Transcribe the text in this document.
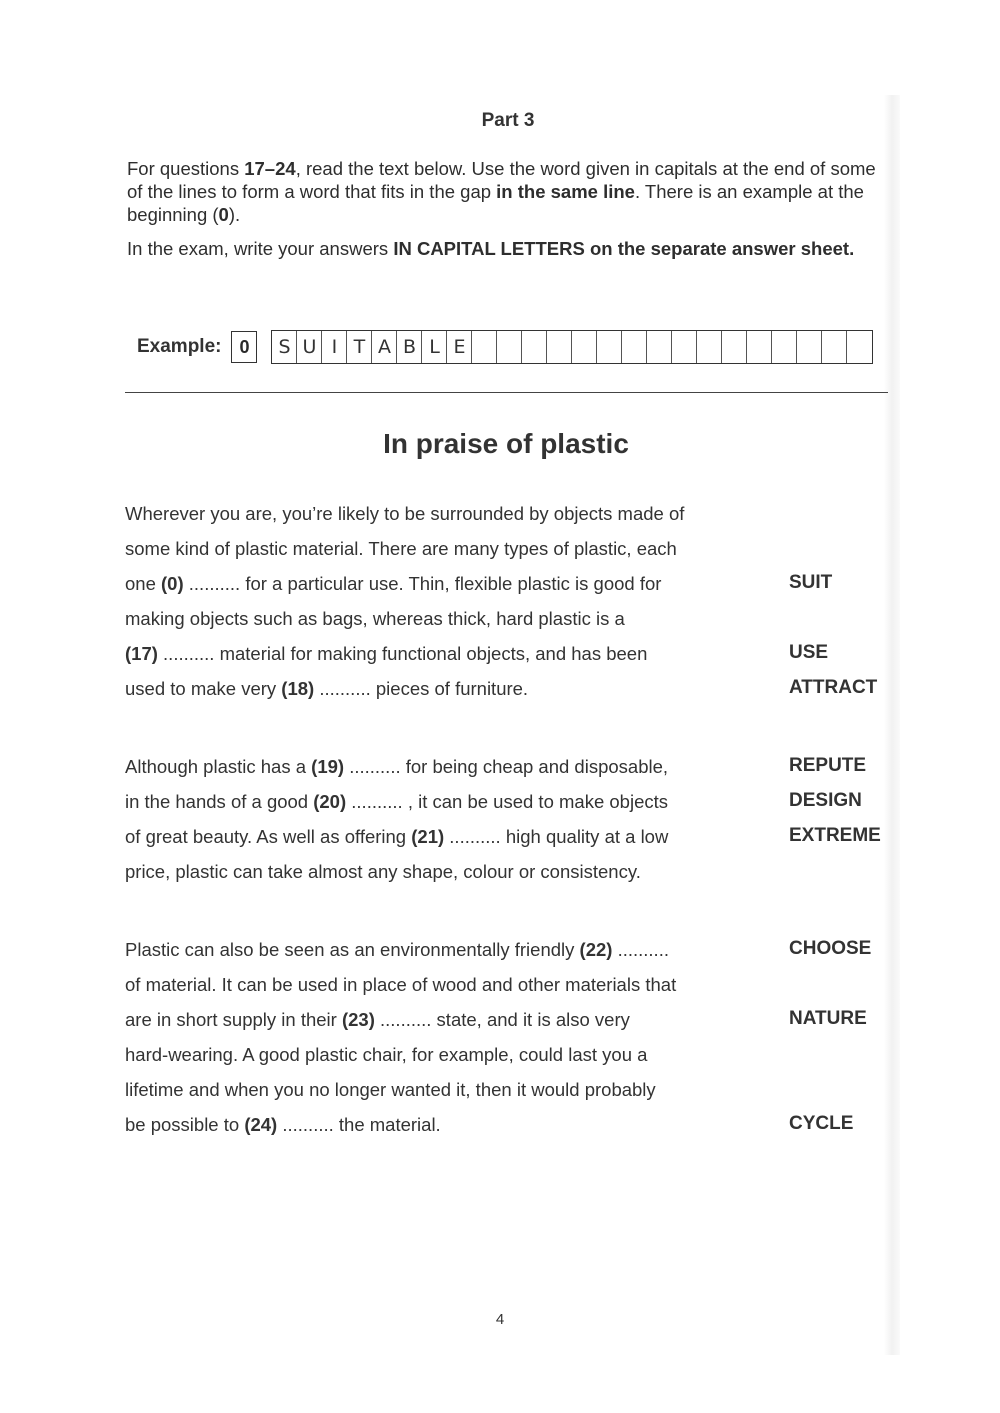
Part 3

For questions 17–24, read the text below. Use the word given in capitals at the end of some of the lines to form a word that fits in the gap in the same line. There is an example at the beginning (0).

In the exam, write your answers IN CAPITAL LETTERS on the separate answer sheet.

Example: 0	S U I T A B L E
In praise of plastic
Wherever you are, you’re likely to be surrounded by objects made of
some kind of plastic material. There are many types of plastic, each
one (0) .......... for a particular use. Thin, flexible plastic is good for	SUIT
making objects such as bags, whereas thick, hard plastic is a
(17) .......... material for making functional objects, and has been	USE
used to make very (18) .......... pieces of furniture.	ATTRACT
Although plastic has a (19) .......... for being cheap and disposable,	REPUTE
in the hands of a good (20) .......... , it can be used to make objects	DESIGN
of great beauty. As well as offering (21) .......... high quality at a low	EXTREME
price, plastic can take almost any shape, colour or consistency.
Plastic can also be seen as an environmentally friendly (22) ..........	CHOOSE
of material. It can be used in place of wood and other materials that
are in short supply in their (23) .......... state, and it is also very	NATURE
hard-wearing. A good plastic chair, for example, could last you a
lifetime and when you no longer wanted it, then it would probably
be possible to (24) .......... the material.	CYCLE
4
